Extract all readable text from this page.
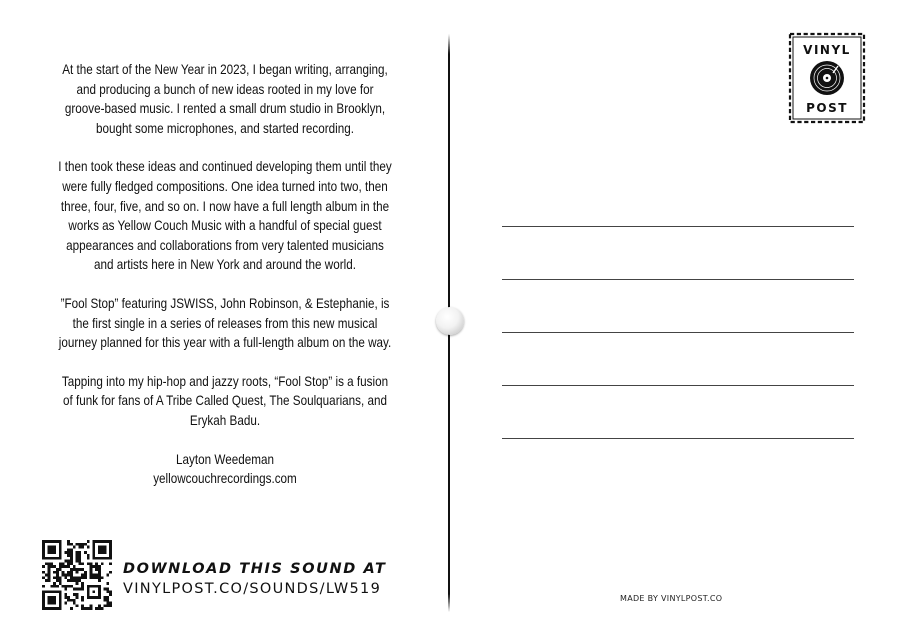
At the start of the New Year in 2023, I began writing, arranging, and producing a bunch of new ideas rooted in my love for groove-based music. I rented a small drum studio in Brooklyn, bought some microphones, and started recording.

I then took these ideas and continued developing them until they were fully fledged compositions. One idea turned into two, then three, four, five, and so on. I now have a full length album in the works as Yellow Couch Music with a handful of special guest appearances and collaborations from very talented musicians and artists here in New York and around the world.

”Fool Stop” featuring JSWISS, John Robinson, & Estephanie, is the first single in a series of releases from this new musical journey planned for this year with a full-length album on the way.

Tapping into my hip-hop and jazzy roots, “Fool Stop” is a fusion of funk for fans of A Tribe Called Quest, The Soulquarians, and Erykah Badu.

Layton Weedeman
yellowcouchrecordings.com
VINYL
POST
DOWNLOAD THIS SOUND AT
VINYLPOST.CO/SOUNDS/LW519
MADE BY VINYLPOST.CO
